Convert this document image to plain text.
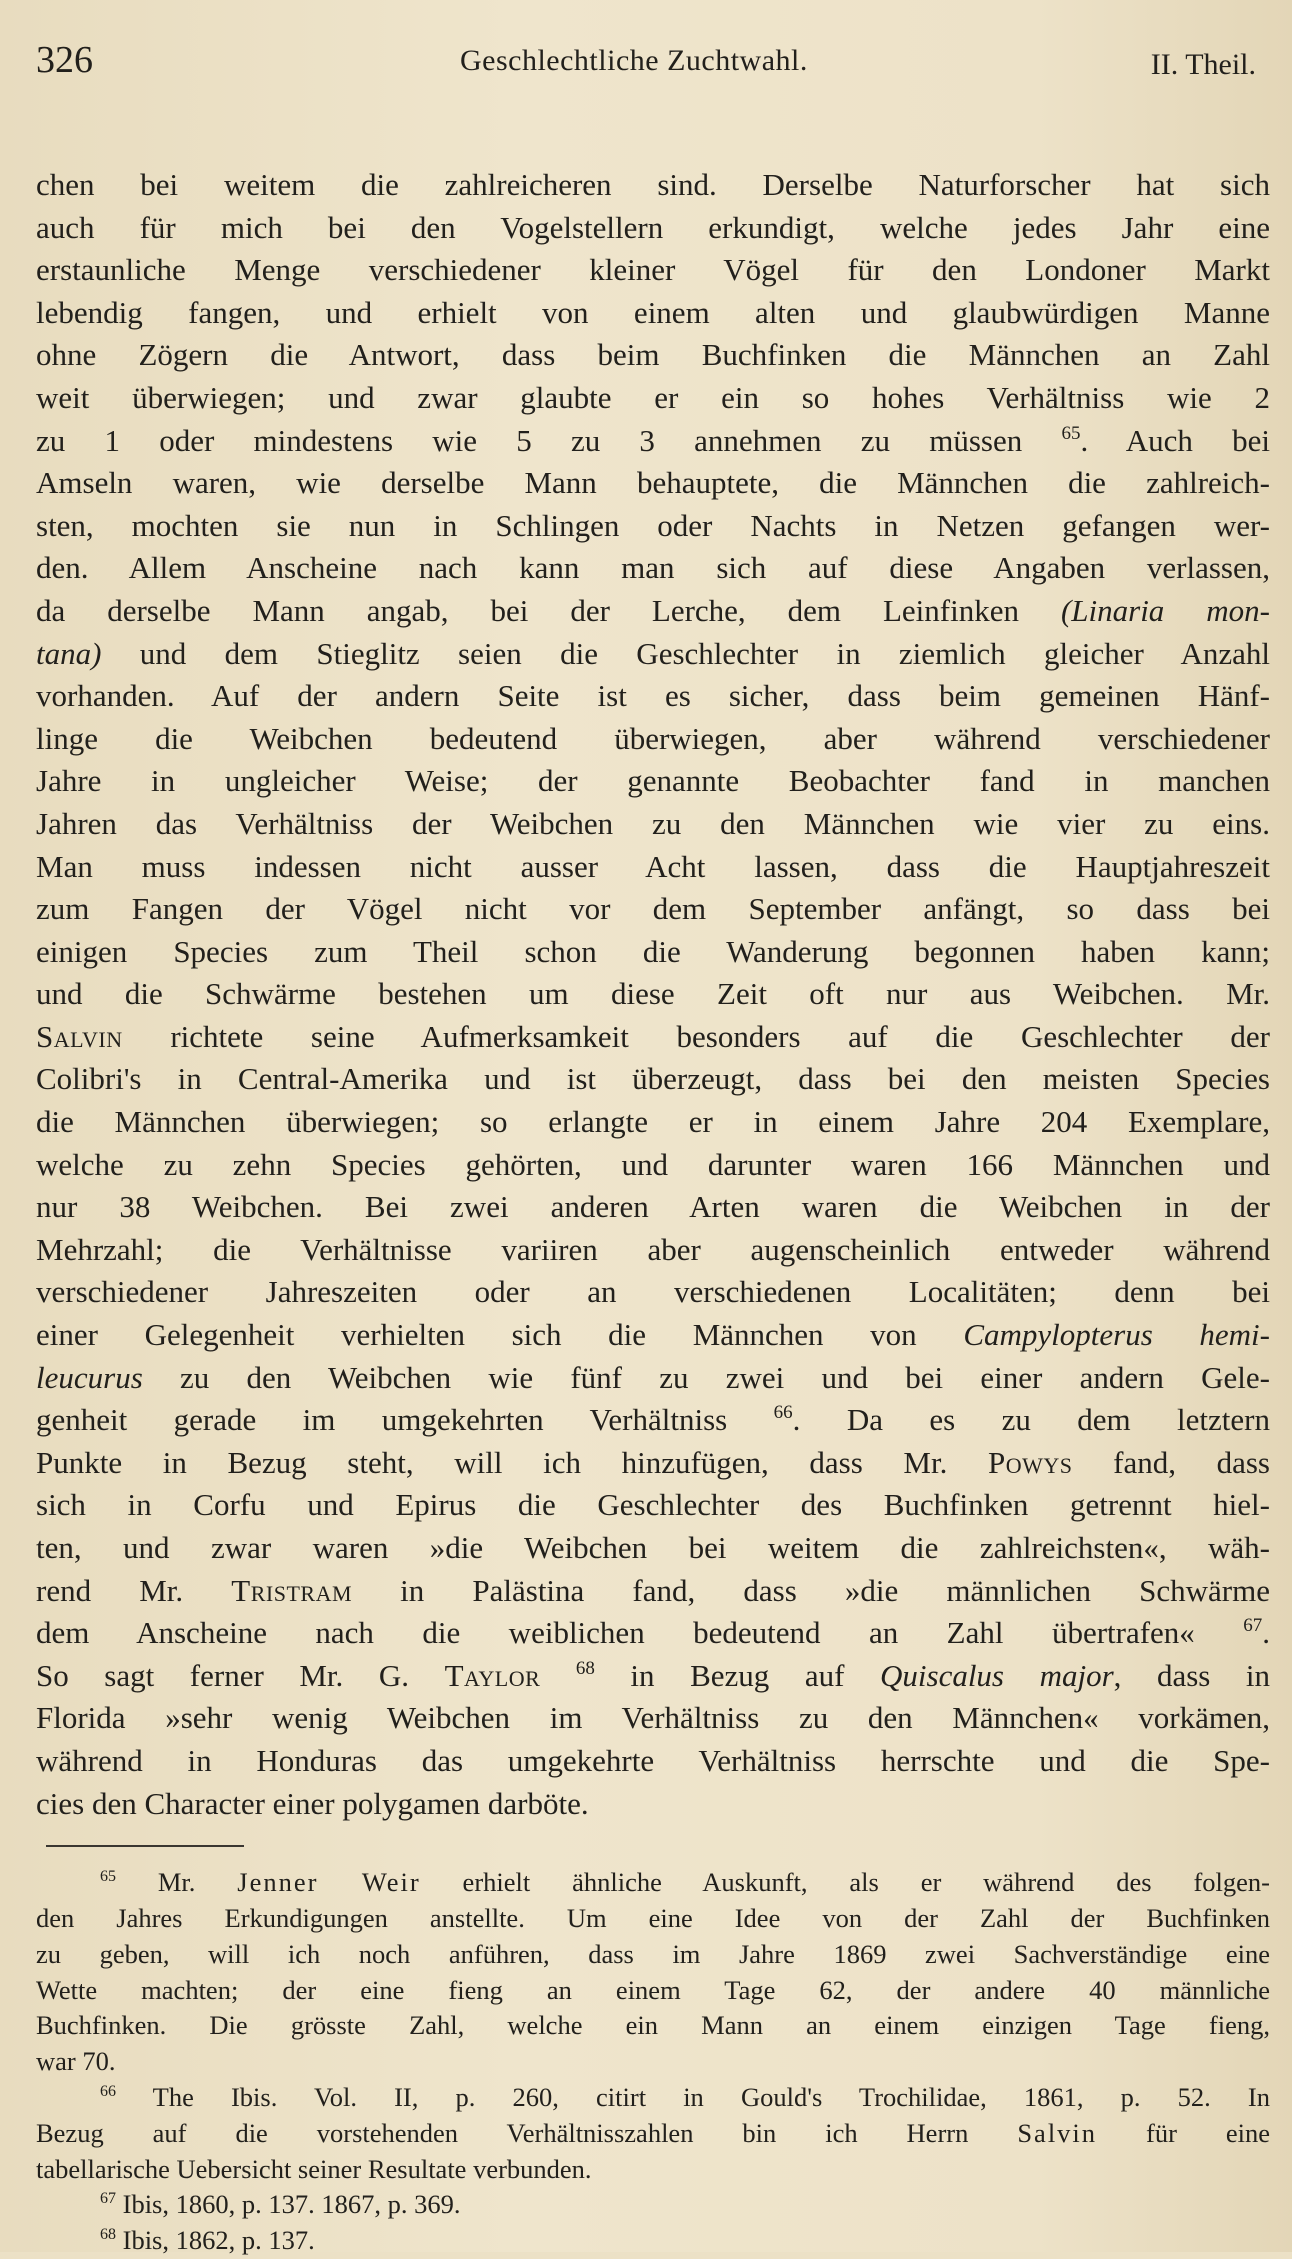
326	Geschlechtliche Zuchtwahl.	II. Theil.
chen bei weitem die zahlreicheren sind. Derselbe Naturforscher hat sich
auch für mich bei den Vogelstellern erkundigt, welche jedes Jahr eine
erstaunliche Menge verschiedener kleiner Vögel für den Londoner Markt
lebendig fangen, und erhielt von einem alten und glaubwürdigen Manne
ohne Zögern die Antwort, dass beim Buchfinken die Männchen an Zahl
weit überwiegen; und zwar glaubte er ein so hohes Verhältniss wie 2
zu 1 oder mindestens wie 5 zu 3 annehmen zu müssen $^{65}$. Auch bei
Amseln waren, wie derselbe Mann behauptete, die Männchen die zahlreich-
sten, mochten sie nun in Schlingen oder Nachts in Netzen gefangen wer-
den. Allem Anscheine nach kann man sich auf diese Angaben verlassen,
da derselbe Mann angab, bei der Lerche, dem Leinfinken (Linaria mon-
tana) und dem Stieglitz seien die Geschlechter in ziemlich gleicher Anzahl
vorhanden. Auf der andern Seite ist es sicher, dass beim gemeinen Hänf-
linge die Weibchen bedeutend überwiegen, aber während verschiedener
Jahre in ungleicher Weise; der genannte Beobachter fand in manchen
Jahren das Verhältniss der Weibchen zu den Männchen wie vier zu eins.
Man muss indessen nicht ausser Acht lassen, dass die Hauptjahreszeit
zum Fangen der Vögel nicht vor dem September anfängt, so dass bei
einigen Species zum Theil schon die Wanderung begonnen haben kann;
und die Schwärme bestehen um diese Zeit oft nur aus Weibchen. Mr.
Salvin richtete seine Aufmerksamkeit besonders auf die Geschlechter der
Colibri's in Central-Amerika und ist überzeugt, dass bei den meisten Species
die Männchen überwiegen; so erlangte er in einem Jahre 204 Exemplare,
welche zu zehn Species gehörten, und darunter waren 166 Männchen und
nur 38 Weibchen. Bei zwei anderen Arten waren die Weibchen in der
Mehrzahl; die Verhältnisse variiren aber augenscheinlich entweder während
verschiedener Jahreszeiten oder an verschiedenen Localitäten; denn bei
einer Gelegenheit verhielten sich die Männchen von Campylopterus hemi-
leucurus zu den Weibchen wie fünf zu zwei und bei einer andern Gele-
genheit gerade im umgekehrten Verhältniss $^{66}$. Da es zu dem letztern
Punkte in Bezug steht, will ich hinzufügen, dass Mr. Powys fand, dass
sich in Corfu und Epirus die Geschlechter des Buchfinken getrennt hiel-
ten, und zwar waren »die Weibchen bei weitem die zahlreichsten«, wäh-
rend Mr. Tristram in Palästina fand, dass »die männlichen Schwärme
dem Anscheine nach die weiblichen bedeutend an Zahl übertrafen«	$^{67}$.
So sagt ferner Mr. G. Taylor $^{68}$ in Bezug auf Quiscalus major, dass in
Florida »sehr wenig Weibchen im Verhältniss zu den Männchen« vorkämen,
während in Honduras das umgekehrte Verhältniss herrschte und die Spe-
cies den Character einer polygamen darböte.
$^{65}$ Mr. Jenner Weir erhielt ähnliche Auskunft, als er während des folgen-
den Jahres Erkundigungen anstellte. Um eine Idee von der Zahl der Buchfinken
zu geben, will ich noch anführen, dass im Jahre 1869 zwei Sachverständige eine
Wette machten; der eine fieng an einem Tage 62, der andere 40 männliche
Buchfinken. Die grösste Zahl, welche ein Mann an einem einzigen Tage fieng,
war 70.
$^{66}$ The Ibis. Vol. II, p. 260, citirt in Gould's Trochilidae, 1861, p. 52. In
Bezug auf die vorstehenden Verhältnisszahlen bin ich Herrn Salvin für eine
tabellarische Uebersicht seiner Resultate verbunden.
$^{67}$ Ibis, 1860, p. 137. 1867, p. 369.
$^{68}$ Ibis, 1862, p. 137.
